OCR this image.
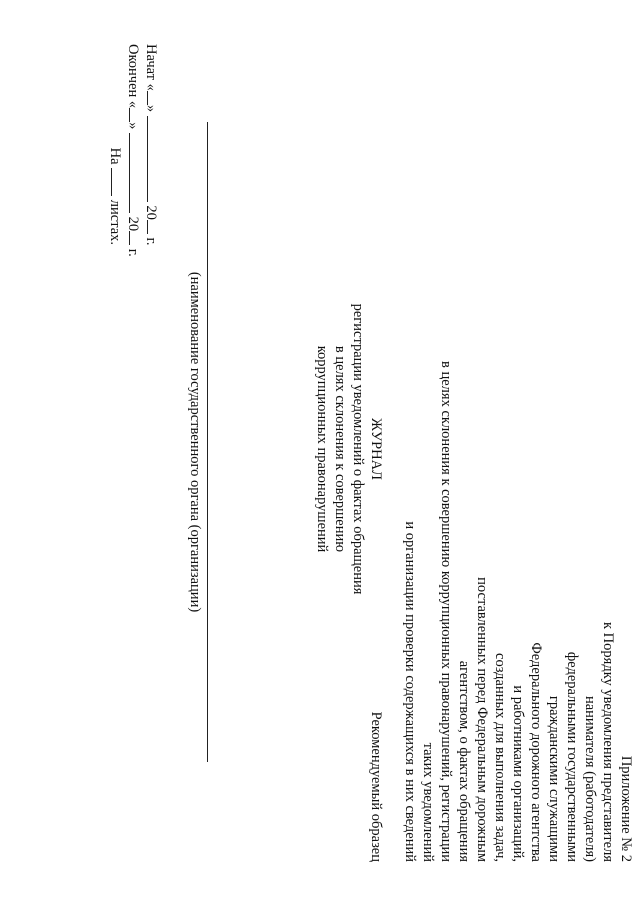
Приложение № 2
к Порядку уведомления представителя
нанимателя (работодателя)
федеральными государственными
гражданскими служащими
Федерального дорожного агентства
и работниками организаций,
созданных для выполнения задач,
поставленных перед Федеральным дорожным
агентством, о фактах обращения
в целях склонения к совершению коррупционных правонарушений, регистрации
таких уведомлений
и организации проверки содержащихся в них сведений
Рекомендуемый образец
ЖУРНАЛ
регистрации уведомлений о фактах обращения
в целях склонения к совершению
коррупционных правонарушений
(наименование государственного органа (организации)
Начат «»  20 г.
Окончен «»  20 г.
На  листах.
